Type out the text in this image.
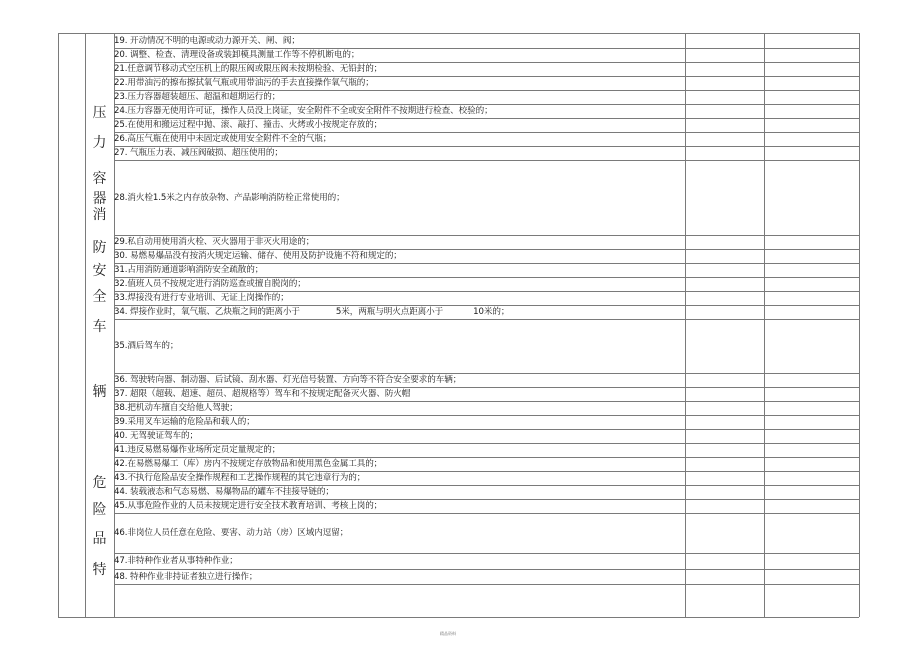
19. 开动情况不明的电源或动力源开关、闸、阀；
20. 调整、检查、清理设备或装卸模具测量工作等不停机断电的；
21.任意调节移动式空压机上的限压阀或限压阀未按期检验、无铅封的；
22.用带油污的擦布擦拭氧气瓶或用带油污的手去直接操作氧气瓶的；
23.压力容器超装超压、超温和超期运行的；
24.压力容器无使用许可证，操作人员没上岗证，安全附件不全或安全附件不按期进行检查、校验的；
25.在使用和搬运过程中抛、滚、敲打、撞击、火烤或小按规定存放的；
26.高压气瓶在使用中未固定或使用安全附件不全的气瓶；
27. 气瓶压力表、减压阀破损、超压使用的；
28.消火栓1.5米之内存放杂物、产品影响消防栓正常使用的；
29.私自动用使用消火栓、灭火器用于非灭火用途的；
30. 易燃易爆品没有按消火规定运输、储存、使用及防护设施不符和规定的；
31.占用消防通道影响消防安全疏散的；
32.值班人员不按规定进行消防巡查或擅自脱岗的；
33.焊接没有进行专业培训、无证上岗操作的；
34. 焊接作业时，氧气瓶、乙炔瓶之间的距离小于	5米，两瓶与明火点距离小于	10米的；
35.酒后驾车的；
36. 驾驶转向器、制动器、后试镜、刮水器、灯光信号装置、方向等不符合安全要求的车辆；
37. 超限（超载、超速、超员、超规格等）驾车和不按规定配备灭火器、防火帽
38.把机动车擅自交给他人驾驶；
39.采用叉车运输的危险品和载人的；
40. 无驾驶证驾车的；
41.违反易燃易爆作业场所定员定量规定的；
42.在易燃易爆工（库）房内不按规定存放物品和使用黑色金属工具的；
43.不执行危险品安全操作规程和工艺操作规程的其它违章行为的；
44. 装载液态和气态易燃、易爆物品的罐车不挂接导链的；
45.从事危险作业的人员未按规定进行安全技术教育培训、考核上岗的；
46.非岗位人员任意在危险、要害、动力站（房）区域内逗留；
47.非特种作业者从事特种作业；
48. 特种作业非持证者独立进行操作；
压
力
容
器
消
防
安
全
车
辆
危
险
品
特
精品资料
